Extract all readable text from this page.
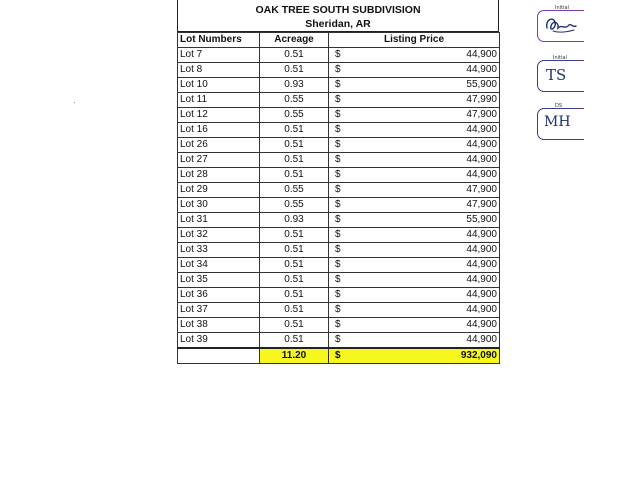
OAK TREE SOUTH SUBDIVISION
Sheridan, AR
Lot Numbers	Acreage	Listing Price
Lot 7	0.51	$ 44,900
Lot 8	0.51	$ 44,900
Lot 10	0.93	$ 55,900
Lot 11	0.55	$ 47,990
Lot 12	0.55	$ 47,900
Lot 16	0.51	$ 44,900
Lot 26	0.51	$ 44,900
Lot 27	0.51	$ 44,900
Lot 28	0.51	$ 44,900
Lot 29	0.55	$ 47,900
Lot 30	0.55	$ 47,900
Lot 31	0.93	$ 55,900
Lot 32	0.51	$ 44,900
Lot 33	0.51	$ 44,900
Lot 34	0.51	$ 44,900
Lot 35	0.51	$ 44,900
Lot 36	0.51	$ 44,900
Lot 37	0.51	$ 44,900
Lot 38	0.51	$ 44,900
Lot 39	0.51	$ 44,900
	11.20	$ 932,090
Initial
Initial
TS
DS
MH
